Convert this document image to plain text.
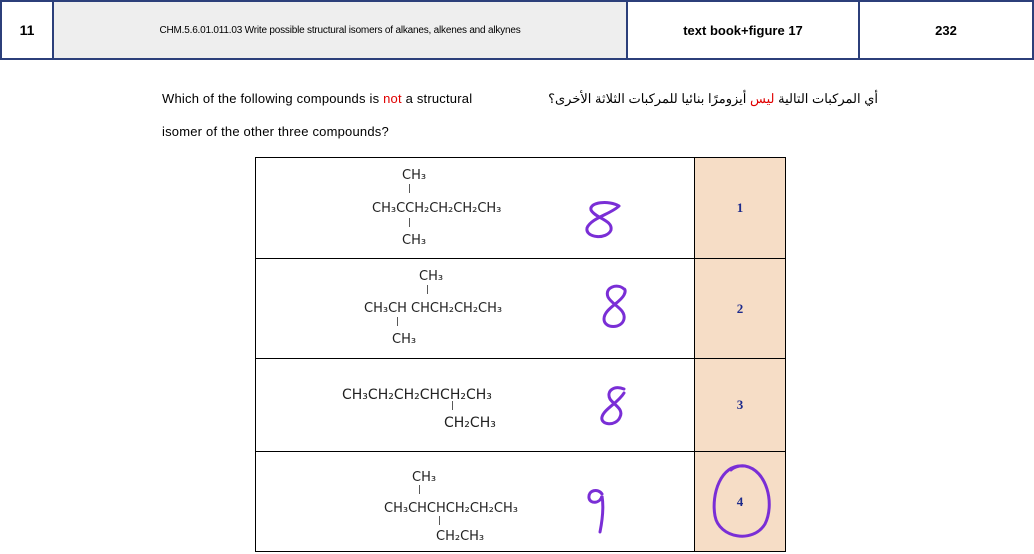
11	CHM.5.6.01.011.03 Write possible structural isomers of alkanes, alkenes and alkynes	text book+figure 17	232
Which of the following compounds is not a structural
isomer of the other three compounds?
أي المركبات التالية ليس أيزومرًا بنائيا للمركبات الثلاثة الأخرى؟
CH₃
|
CH₃CCH₂CH₂CH₂CH₃
|
CH₃	1

CH₃
|
CH₃CH CHCH₂CH₂CH₃
|
CH₃	2

CH₃CH₂CH₂CHCH₂CH₃
|
CH₂CH₃	3

CH₃
|
CH₃CHCHCH₂CH₂CH₃
|
CH₂CH₃	4
